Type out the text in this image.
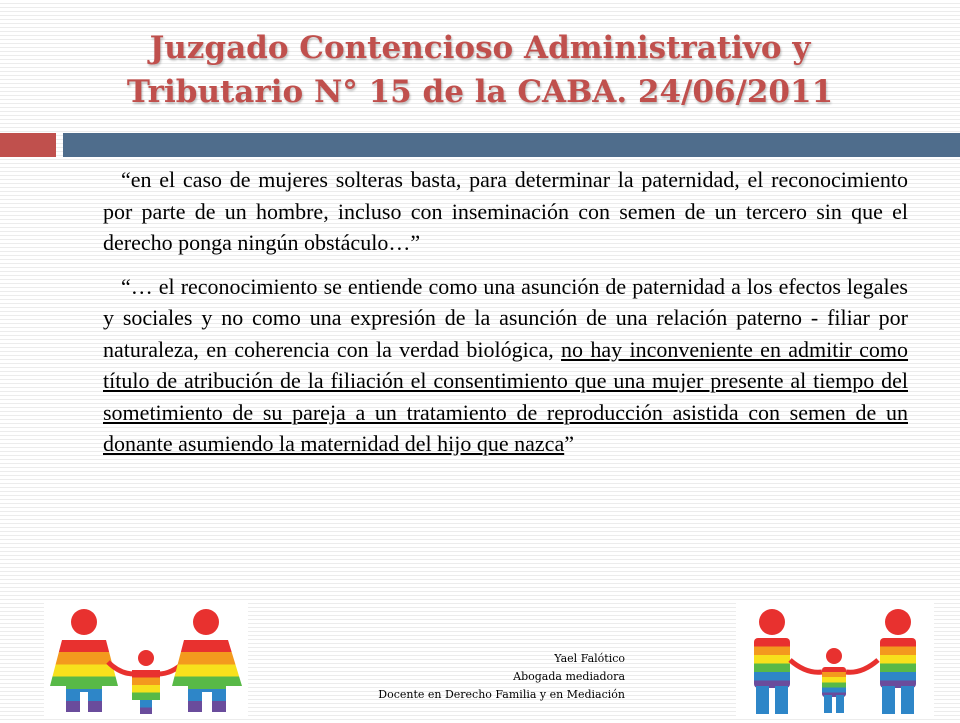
Juzgado Contencioso Administrativo y
Tributario N° 15 de la CABA. 24/06/2011

“en el caso de mujeres solteras basta, para determinar la paternidad, el reconocimiento por parte de un hombre, incluso con inseminación con semen de un tercero sin que el derecho ponga ningún obstáculo…”

“… el reconocimiento se entiende como una asunción de paternidad a los efectos legales y sociales y no como una expresión de la asunción de una relación paterno - filiar por naturaleza, en coherencia con la verdad biológica, no hay inconveniente en admitir como título de atribución de la filiación el consentimiento que una mujer presente al tiempo del sometimiento de su pareja a un tratamiento de reproducción asistida con semen de un donante asumiendo la maternidad del hijo que nazca”

Yael Falótico
Abogada mediadora
Docente en Derecho Familia y en Mediación
